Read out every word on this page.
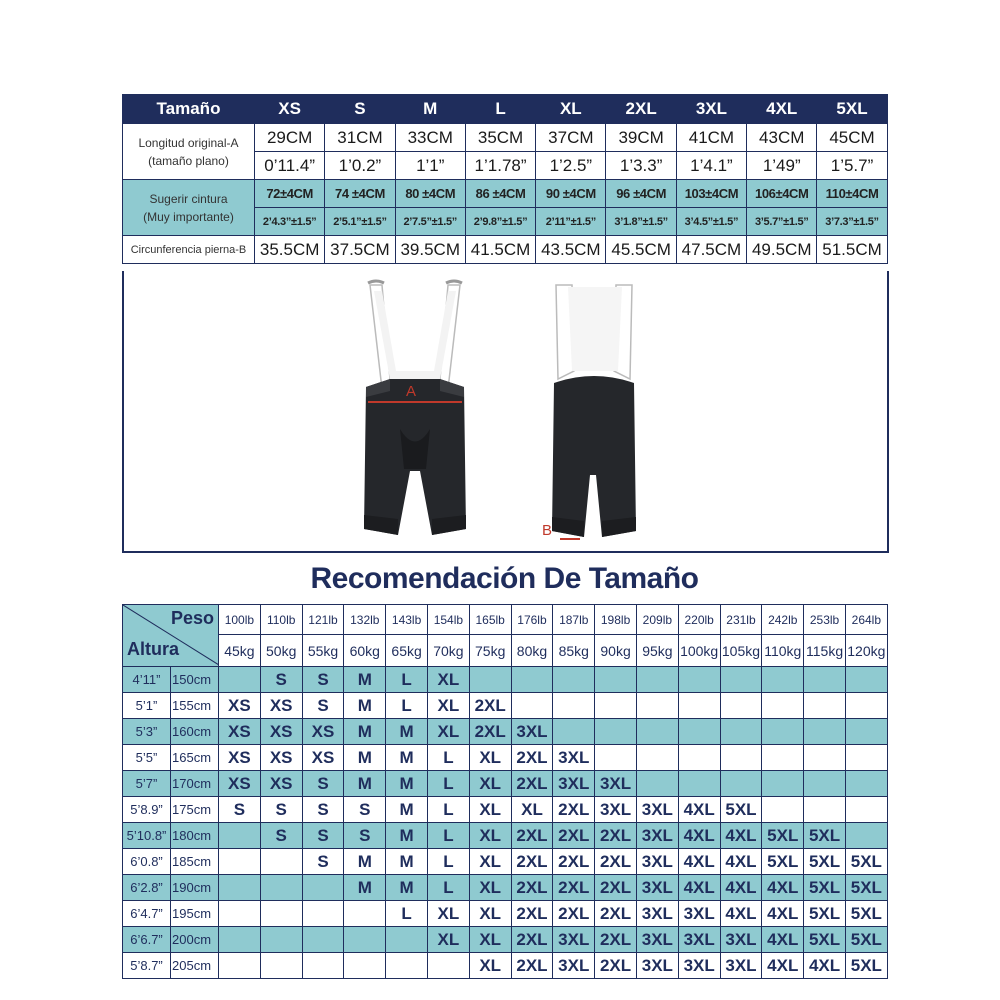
Tamaño	XS	S	M	L	XL	2XL	3XL	4XL	5XL

Longitud original-A
(tamaño plano)	29CM	31CM	33CM	35CM	37CM	39CM	41CM	43CM	45CM
	0’11.4”	1’0.2”	1’1”	1’1.78”	1’2.5”	1’3.3”	1’4.1”	1’49”	1’5.7”

Sugerir cintura
(Muy importante)	72±4CM	74 ±4CM	80 ±4CM	86 ±4CM	90 ±4CM	96 ±4CM	103±4CM	106±4CM	110±4CM
	2’4.3”±1.5”	2’5.1”±1.5”	2’7.5”±1.5”	2’9.8”±1.5”	2’11”±1.5”	3’1.8”±1.5”	3’4.5”±1.5”	3’5.7”±1.5”	3’7.3”±1.5”
Circunferencia pierna-B	35.5CM	37.5CM	39.5CM	41.5CM	43.5CM	45.5CM	47.5CM	49.5CM	51.5CM
A
B
Recomendación De Tamaño
Peso
Altura		100lb	110lb	121lb	132lb	143lb	154lb	165lb	176lb	187lb	198lb	209lb	220lb	231lb	242lb	253lb	264lb
		45kg	50kg	55kg	60kg	65kg	70kg	75kg	80kg	85kg	90kg	95kg	100kg	105kg	110kg	115kg	120kg
4’11”	150cm		S	S	M	L	XL										
5’1”	155cm	XS	XS	S	M	L	XL	2XL									
5’3”	160cm	XS	XS	XS	M	M	XL	2XL	3XL								
5’5”	165cm	XS	XS	XS	M	M	L	XL	2XL	3XL							
5’7”	170cm	XS	XS	S	M	M	L	XL	2XL	3XL	3XL						
5’8.9”	175cm	S	S	S	S	M	L	XL	XL	2XL	3XL	3XL	4XL	5XL			
5’10.8”	180cm		S	S	S	M	L	XL	2XL	2XL	2XL	3XL	4XL	4XL	5XL	5XL	
6’0.8”	185cm			S	M	M	L	XL	2XL	2XL	2XL	3XL	4XL	4XL	5XL	5XL	5XL
6’2.8”	190cm				M	M	L	XL	2XL	2XL	2XL	3XL	4XL	4XL	4XL	5XL	5XL
6’4.7”	195cm					L	XL	XL	2XL	2XL	2XL	3XL	3XL	4XL	4XL	5XL	5XL
6’6.7”	200cm						XL	XL	2XL	3XL	2XL	3XL	3XL	3XL	4XL	5XL	5XL
5’8.7”	205cm							XL	2XL	3XL	2XL	3XL	3XL	3XL	4XL	4XL	5XL
